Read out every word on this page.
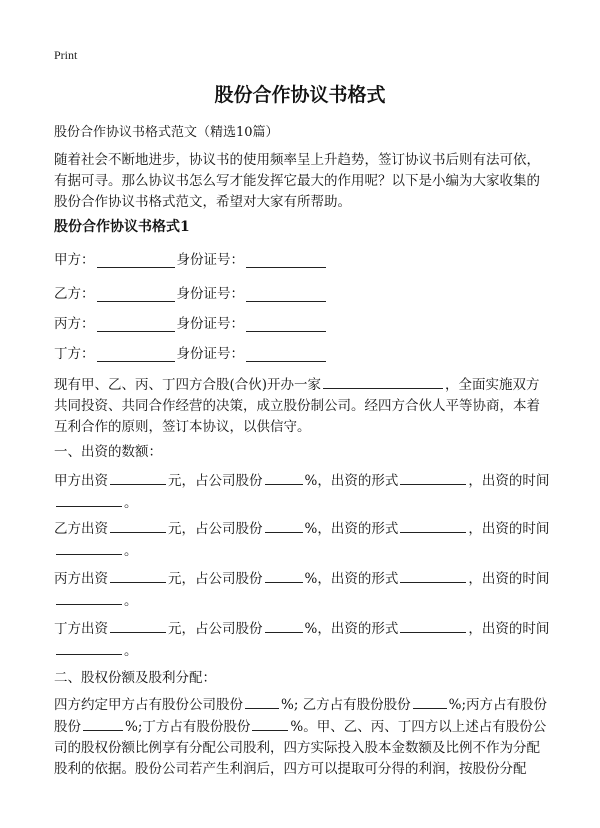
Print
股份合作协议书格式
股份合作协议书格式范文（精选10篇）
随着社会不断地进步，协议书的使用频率呈上升趋势，签订协议书后则有法可依，有据可寻。那么协议书怎么写才能发挥它最大的作用呢？以下是小编为大家收集的股份合作协议书格式范文，希望对大家有所帮助。
股份合作协议书格式1
甲方：	身份证号：
乙方：	身份证号：
丙方：	身份证号：
丁方：	身份证号：
现有甲、乙、丙、丁四方合股(合伙)开办一家	，全面实施双方共同投资、共同合作经营的决策，成立股份制公司。经四方合伙人平等协商，本着互利合作的原则，签订本协议，以供信守。
一、出资的数额：
甲方出资	元，占公司股份	%，出资的形式	，出资的时间
。
乙方出资	元，占公司股份	%，出资的形式	，出资的时间
。
丙方出资	元，占公司股份	%，出资的形式	，出资的时间
。
丁方出资	元，占公司股份	%，出资的形式	，出资的时间
。
二、股权份额及股利分配：
四方约定甲方占有股份公司股份	%; 乙方占有股份股份	%;丙方占有股份股份	%;丁方占有股份股份	%。甲、乙、丙、丁四方以上述占有股份公司的股权份额比例享有分配公司股利，四方实际投入股本金数额及比例不作为分配股利的依据。股份公司若产生利润后，四方可以提取可分得的利润，按股份分配
